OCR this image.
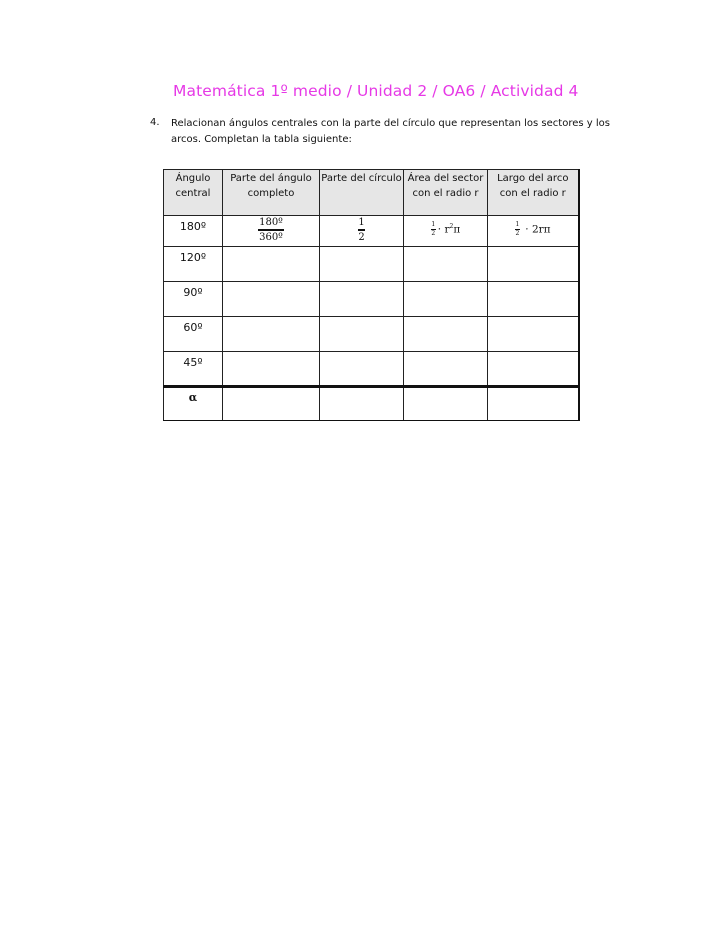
Matemática 1º medio / Unidad 2 / OA6 / Actividad 4
4. Relacionan ángulos centrales con la parte del círculo que representan los sectores y los arcos. Completan la tabla siguiente:
Ángulo central	Parte del ángulo completo	Parte del círculo	Área del sector con el radio r	Largo del arco con el radio r

180º	$\frac{\text{180º}}{\text{360º}}$	$\frac{1}{2}$	$\frac{1}{2} \cdot r^2\pi$	$\frac{1}{2} \cdot 2r\pi$

120º				

90º				

60º				

45º				

α				
